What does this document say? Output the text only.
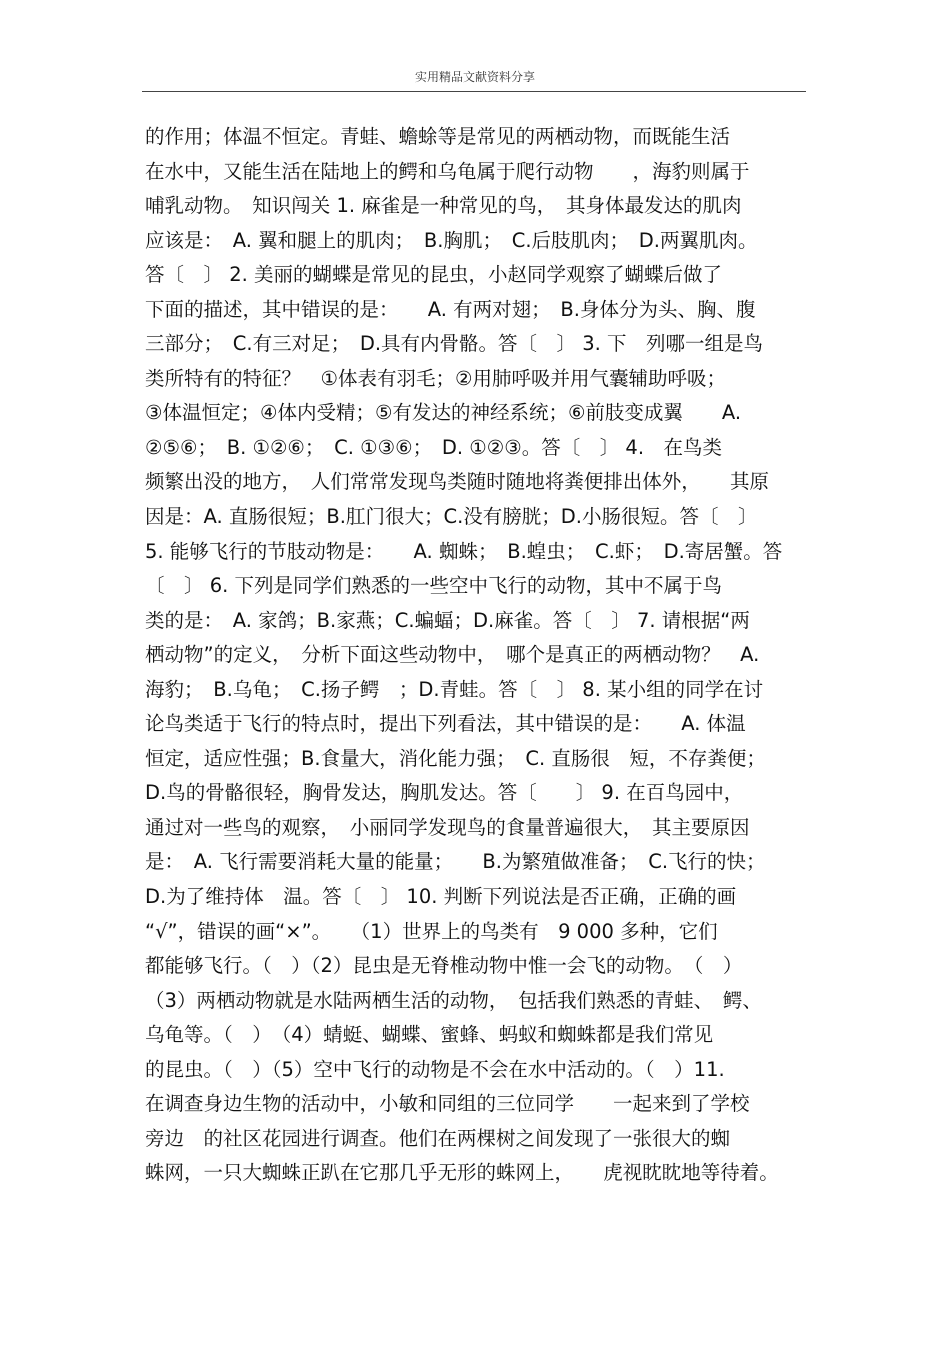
实用精品文献资料分享
的作用；体温不恒定。青蛙、蟾蜍等是常见的两栖动物，而既能生活
在水中，又能生活在陆地上的鳄和乌龟属于爬行动物　　，海豹则属于
哺乳动物。　知识闯关 1. 麻雀是一种常见的鸟，　其身体最发达的肌肉
应该是：　A. 翼和腿上的肌肉；　B.胸肌；　C.后肢肌肉；　D.两翼肌肉。
答〔　〕 2. 美丽的蝴蝶是常见的昆虫，小赵同学观察了蝴蝶后做了
下面的描述，其中错误的是：　　A. 有两对翅；　B.身体分为头、胸、腹
三部分；　C.有三对足；　D.具有内骨骼。答〔　〕 3. 下　列哪一组是鸟
类所特有的特征？　①体表有羽毛；②用肺呼吸并用气囊辅助呼吸；
③体温恒定；④体内受精；⑤有发达的神经系统；⑥前肢变成翼　　A.
②⑤⑥；　B. ①②⑥；　C. ①③⑥；　D. ①②③。答〔　〕 4.　在鸟类
频繁出没的地方，　人们常常发现鸟类随时随地将粪便排出体外，　　其原
因是：A. 直肠很短；B.肛门很大；C.没有膀胱；D.小肠很短。答〔　〕
5. 能够飞行的节肢动物是：　　A. 蜘蛛；　B.蝗虫；　C.虾；　D.寄居蟹。答
〔　〕 6. 下列是同学们熟悉的一些空中飞行的动物，其中不属于鸟
类的是：　A. 家鸽；B.家燕；C.蝙蝠；D.麻雀。答〔　〕 7. 请根据“两
栖动物”的定义，　分析下面这些动物中，　哪个是真正的两栖动物？　A.
海豹；　B.乌龟；　C.扬子鳄　；D.青蛙。答〔　〕 8. 某小组的同学在讨
论鸟类适于飞行的特点时，提出下列看法，其中错误的是：　　A. 体温
恒定，适应性强；B.食量大，消化能力强；　C. 直肠很　短，不存粪便；
D.鸟的骨骼很轻，胸骨发达，胸肌发达。答〔　　〕 9. 在百鸟园中，
通过对一些鸟的观察，　小丽同学发现鸟的食量普遍很大，　其主要原因
是：　A. 飞行需要消耗大量的能量；　　B.为繁殖做准备；　C.飞行的快；
D.为了维持体　温。答〔　〕 10. 判断下列说法是否正确，正确的画
“√”，错误的画“×”。　　（1）世界上的鸟类有　9 000 多种，它们
都能够飞行。（　）（2）昆虫是无脊椎动物中惟一会飞的动物。　（　）
（3）两栖动物就是水陆两栖生活的动物，　包括我们熟悉的青蛙、　鳄、
乌龟等。（　）　（4）蜻蜓、蝴蝶、蜜蜂、蚂蚁和蜘蛛都是我们常见
的昆虫。（　）（5）空中飞行的动物是不会在水中活动的。（　）11.
在调查身边生物的活动中，小敏和同组的三位同学　　一起来到了学校
旁边　的社区花园进行调查。他们在两棵树之间发现了一张很大的蜘
蛛网，一只大蜘蛛正趴在它那几乎无形的蛛网上，　　虎视眈眈地等待着。
